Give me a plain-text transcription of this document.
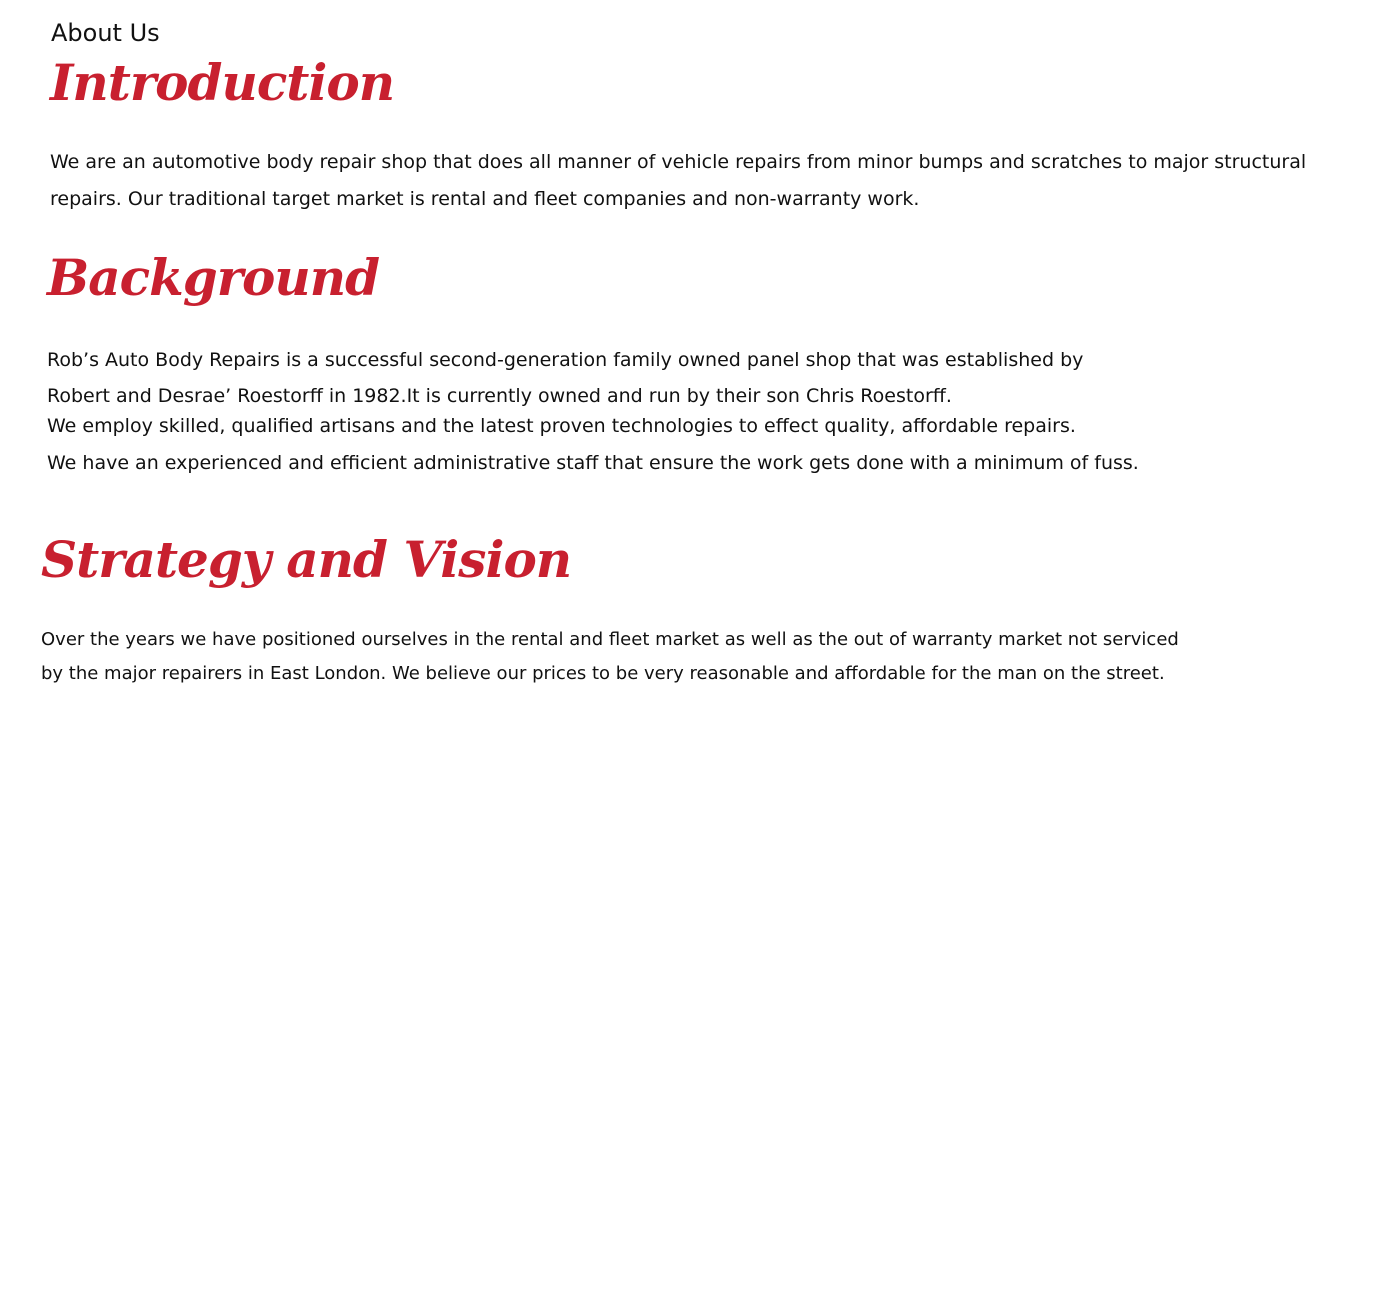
About Us
Introduction

We are an automotive body repair shop that does all manner of vehicle repairs from minor bumps and scratches to major structural

repairs. Our traditional target market is rental and fleet companies and non-warranty work.

Background

Rob’s Auto Body Repairs is a successful second-generation family owned panel shop that was established by

Robert and Desrae’ Roestorff in 1982.It is currently owned and run by their son Chris Roestorff.

We employ skilled, qualified artisans and the latest proven technologies to effect quality, affordable repairs.

We have an experienced and efficient administrative staff that ensure the work gets done with a minimum of fuss.

Strategy and Vision

Over the years we have positioned ourselves in the rental and fleet market as well as the out of warranty market not serviced

by the major repairers in East London. We believe our prices to be very reasonable and affordable for the man on the street.
